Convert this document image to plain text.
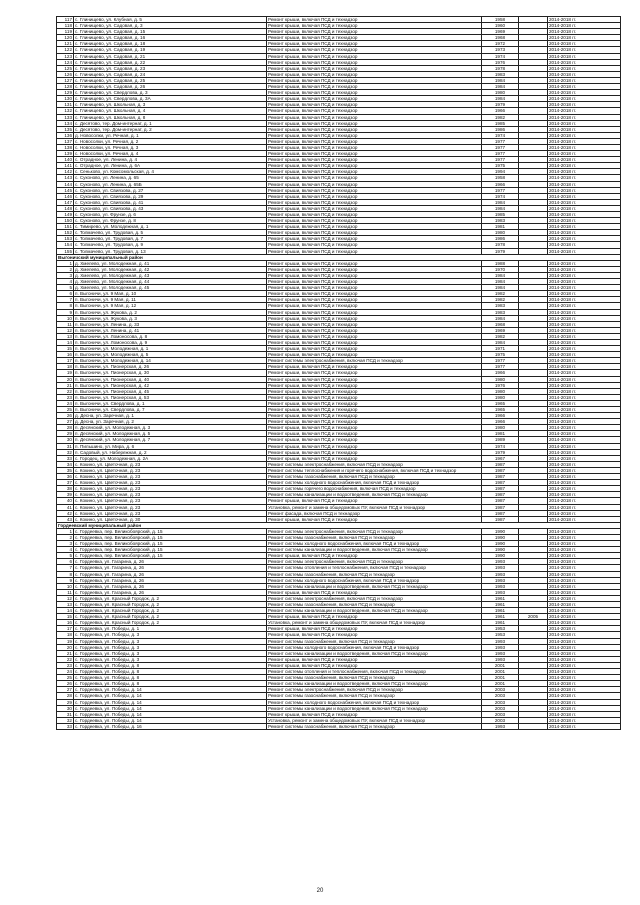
117	с. Глинищево, ул. Клубная, д. 5	Ремонт крыши, включая ПСД и технадзор	1958		2014-2018 гг.
118	с. Глинищево, ул. Садовая, д. 3	Ремонт крыши, включая ПСД и технадзор	1960		2014-2018 гг.
119	с. Глинищево, ул. Садовая, д. 15	Ремонт крыши, включая ПСД и технадзор	1969		2014-2018 гг.
120	с. Глинищево, ул. Садовая, д. 16	Ремонт крыши, включая ПСД и технадзор	1968		2014-2018 гг.
121	с. Глинищево, ул. Садовая, д. 18	Ремонт крыши, включая ПСД и технадзор	1972		2014-2018 гг.
122	с. Глинищево, ул. Садовая, д. 19	Ремонт крыши, включая ПСД и технадзор	1973		2014-2018 гг.
123	с. Глинищево, ул. Садовая, д. 21	Ремонт крыши, включая ПСД и технадзор	1974		2014-2018 гг.
124	с. Глинищево, ул. Садовая, д. 22	Ремонт крыши, включая ПСД и технадзор	1976		2014-2018 гг.
125	с. Глинищево, ул. Садовая, д. 23	Ремонт крыши, включая ПСД и технадзор	1978		2014-2018 гг.
126	с. Глинищево, ул. Садовая, д. 24	Ремонт крыши, включая ПСД и технадзор	1983		2014-2018 гг.
127	с. Глинищево, ул. Садовая, д. 25	Ремонт крыши, включая ПСД и технадзор	1984		2014-2018 гг.
128	с. Глинищево, ул. Садовая, д. 26	Ремонт крыши, включая ПСД и технадзор	1984		2014-2018 гг.
129	с. Глинищево, ул. Свердлова, д. 3	Ремонт крыши, включая ПСД и технадзор	1980		2014-2018 гг.
130	с. Глинищево, ул. Свердлова, д. 3А	Ремонт крыши, включая ПСД и технадзор	1984		2014-2018 гг.
131	с. Глинищево, ул. Школьная, д. 3	Ремонт крыши, включая ПСД и технадзор	1979		2014-2018 гг.
132	с. Глинищево, ул. Школьная, д. 4	Ремонт крыши, включая ПСД и технадзор	1966		2014-2018 гг.
133	с. Глинищево, ул. Школьная, д. 8	Ремонт крыши, включая ПСД и технадзор	1982		2014-2018 гг.
134	с. Десятово, тер. Дом-интернат, д. 1	Ремонт крыши, включая ПСД и технадзор	1985		2014-2018 гг.
135	с. Десятово, тер. Дом-интернат, д. 2	Ремонт крыши, включая ПСД и технадзор	1986		2014-2018 гг.
136	д. Новосолки, ул. Речная, д. 1	Ремонт крыши, включая ПСД и технадзор	1974		2014-2018 гг.
137	с. Новосолки, ул. Речная, д. 2	Ремонт крыши, включая ПСД и технадзор	1977		2014-2018 гг.
138	с. Новосолки, ул. Речная, д. 3	Ремонт крыши, включая ПСД и технадзор	1977		2014-2018 гг.
139	с. Новосолки, ул. Речная, д. 4	Ремонт крыши, включая ПСД и технадзор	1977		2014-2018 гг.
140	с. Отрадное, ул. Ленина, д. 4	Ремонт крыши, включая ПСД и технадзор	1977		2014-2018 гг.
141	с. Отрадное, ул. Ленина, д. 6А	Ремонт крыши, включая ПСД и технадзор	1975		2014-2018 гг.
142	с. Сеньково, ул. Комсомольская, д. 4	Ремонт крыши, включая ПСД и технадзор	1994		2014-2018 гг.
143	с. Суконово, ул. Ленина, д. 65	Ремонт крыши, включая ПСД и технадзор	1958		2014-2018 гг.
144	с. Суконово, ул. Ленина, д. 65Б	Ремонт крыши, включая ПСД и технадзор	1966		2014-2018 гг.
145	с. Суконово, ул. Свиязова, д. 27	Ремонт крыши, включая ПСД и технадзор	1977		2014-2018 гг.
146	с. Суконово, ул. Свиязова, д. 29	Ремонт крыши, включая ПСД и технадзор	1974		2014-2018 гг.
147	с. Суконово, ул. Свиязова, д. 41	Ремонт крыши, включая ПСД и технадзор	1984		2014-2018 гг.
148	с. Суконово, ул. Свиязова, д. 43	Ремонт крыши, включая ПСД и технадзор	1984		2014-2018 гг.
149	с. Суконово, ул. Фрунзе, д. 6	Ремонт крыши, включая ПСД и технадзор	1985		2014-2018 гг.
150	с. Суконово, ул. Фрунзе, д. 8	Ремонт крыши, включая ПСД и технадзор	1983		2014-2018 гг.
151	с. Тимирево, ул. Молодежная, д. 1	Ремонт крыши, включая ПСД и технадзор	1981		2014-2018 гг.
152	с. Толмачево, ул. Трудовая, д. 5	Ремонт крыши, включая ПСД и технадзор	1980		2014-2018 гг.
153	с. Толмачево, ул. Трудовая, д. 7	Ремонт крыши, включая ПСД и технадзор	1986		2014-2018 гг.
154	с. Толмачево, ул. Трудовая, д. 9	Ремонт крыши, включая ПСД и технадзор	1978		2014-2018 гг.
155	с. Толмачево, ул. Трудовая, д. 13	Ремонт крыши, включая ПСД и технадзор	1979		2014-2018 гг.
Выгоничский муниципальный район					
1	д. Хмелево, ул. Молодежная, д. 41	Ремонт крыши, включая ПСД и технадзор	1988		2014-2018 гг.
2	д. Хмелево, ул. Молодежная, д. 42	Ремонт крыши, включая ПСД и технадзор	1970		2014-2018 гг.
3	д. Хмелево, ул. Молодежная, д. 43	Ремонт крыши, включая ПСД и технадзор	1984		2014-2018 гг.
4	д. Хмелево, ул. Молодежная, д. 44	Ремонт крыши, включая ПСД и технадзор	1984		2014-2018 гг.
5	д. Хмелево, ул. Молодежная, д. 45	Ремонт крыши, включая ПСД и технадзор	1984		2014-2018 гг.
6	п. Выгоничи, ул. 9 Мая, д. 10	Ремонт крыши, включая ПСД и технадзор	1982		2014-2018 гг.
7	п. Выгоничи, ул. 9 Мая, д. 11	Ремонт крыши, включая ПСД и технадзор	1982		2014-2018 гг.
8	п. Выгоничи, ул. 9 Мая, д. 12	Ремонт крыши, включая ПСД и технадзор	1983		2014-2018 гг.
9	п. Выгоничи, ул. Жукова, д. 2	Ремонт крыши, включая ПСД и технадзор	1983		2014-2018 гг.
10	п. Выгоничи, ул. Жукова, д. 3	Ремонт крыши, включая ПСД и технадзор	1984		2014-2018 гг.
11	п. Выгоничи, ул. Ленина, д. 33	Ремонт крыши, включая ПСД и технадзор	1968		2014-2018 гг.
12	п. Выгоничи, ул. Ленина, д. 41	Ремонт крыши, включая ПСД и технадзор	1969		2014-2018 гг.
13	п. Выгоничи, ул. Ломоносова, д. 8	Ремонт крыши, включая ПСД и технадзор	1982		2014-2018 гг.
14	п. Выгоничи, ул. Ломоносова, д. 9	Ремонт крыши, включая ПСД и технадзор	1984		2014-2018 гг.
15	п. Выгоничи, ул. Молодежная, д. 1	Ремонт крыши, включая ПСД и технадзор	1971		2014-2018 гг.
16	п. Выгоничи, ул. Молодежная, д. 5	Ремонт крыши, включая ПСД и технадзор	1975		2014-2018 гг.
17	п. Выгоничи, ул. Молодежная, д. 14	Ремонт системы электроснабжения, включая ПСД и технадзор	1977		2014-2018 гг.
18	п. Выгоничи, ул. Пионерская, д. 26	Ремонт крыши, включая ПСД и технадзор	1977		2014-2018 гг.
19	п. Выгоничи, ул. Пионерская, д. 30	Ремонт крыши, включая ПСД и технадзор	1966		2014-2018 гг.
20	п. Выгоничи, ул. Пионерская, д. 40	Ремонт крыши, включая ПСД и технадзор	1980		2014-2018 гг.
21	п. Выгоничи, ул. Пионерская, д. 42	Ремонт крыши, включая ПСД и технадзор	1976		2014-2018 гг.
22	п. Выгоничи, ул. Пионерская, д. 45	Ремонт крыши, включая ПСД и технадзор	1980		2014-2018 гг.
23	п. Выгоничи, ул. Пионерская, д. 53	Ремонт крыши, включая ПСД и технадзор	1980		2014-2018 гг.
24	п. Выгоничи, ул. Свердлова, д. 1	Ремонт крыши, включая ПСД и технадзор	1965		2014-2018 гг.
25	п. Выгоничи, ул. Свердлова, д. 7	Ремонт крыши, включая ПСД и технадзор	1965		2014-2018 гг.
26	д. Десна, ул. Заречная, д. 1	Ремонт крыши, включая ПСД и технадзор	1966		2014-2018 гг.
27	д. Десна, ул. Заречная, д. 2	Ремонт крыши, включая ПСД и технадзор	1966		2014-2018 гг.
28	п. Десянский, ул. Молодежная, д. 3	Ремонт крыши, включая ПСД и технадзор	1980		2014-2018 гг.
29	п. Десянский, ул. Молодежная, д. 5	Ремонт крыши, включая ПСД и технадзор	1981		2014-2018 гг.
30	п. Десянский, ул. Молодежная, д. 7	Ремонт крыши, включая ПСД и технадзор	1989		2014-2018 гг.
31	п. Пильшино, ул. Мира, д. 6	Ремонт крыши, включая ПСД и технадзор	1974		2014-2018 гг.
32	п. Садовый, ул. Набережная, д. 2	Ремонт крыши, включая ПСД и технадзор	1979		2014-2018 гг.
33	с. Городец, ул. Молодежная, д. 2А	Ремонт крыши, включая ПСД и технадзор	1967		2014-2018 гг.
34	с. Кокино, ул. Цветочная, д. 23	Ремонт системы электроснабжения, включая ПСД и технадзор	1987		2014-2018 гг.
35	с. Кокино, ул. Цветочная, д. 23	Ремонт системы теплоснабжения и горячего водоснабжения, включая ПСД и технадзор	1987		2014-2018 гг.
36	с. Кокино, ул. Цветочная, д. 23	Ремонт системы газоснабжения, включая ПСД и технадзор	1987		2014-2018 гг.
37	с. Кокино, ул. Цветочная, д. 23	Ремонт системы холодного водоснабжения, включая ПСД и технадзор	1987		2014-2018 гг.
38	с. Кокино, ул. Цветочная, д. 23	Ремонт системы горячего водоснабжения, включая ПСД и технадзор	1987		2014-2018 гг.
39	с. Кокино, ул. Цветочная, д. 23	Ремонт системы канализации и водоотведения, включая ПСД и технадзор	1987		2014-2018 гг.
40	с. Кокино, ул. Цветочная, д. 23	Ремонт крыши, включая ПСД и технадзор	1987		2014-2018 гг.
41	с. Кокино, ул. Цветочная, д. 23	Установка, ремонт и замена общедомовых ПУ, включая ПСД и технадзор	1987		2014-2018 гг.
42	с. Кокино, ул. Цветочная, д. 23	Ремонт фасада, включая ПСД и технадзор	1987		2014-2018 гг.
43	с. Кокино, ул. Цветочная, д. 30	Ремонт крыши, включая ПСД и технадзор	1987		2014-2018 гг.
Гордеевский муниципальный район					
1	с. Гордеевка, пер. Великобоярский, д. 15	Ремонт системы электроснабжения, включая ПСД и технадзор	1990		2014-2018 гг.
2	с. Гордеевка, пер. Великобоярский, д. 15	Ремонт системы газоснабжения, включая ПСД и технадзор	1990		2014-2018 гг.
3	с. Гордеевка, пер. Великобоярский, д. 15	Ремонт системы холодного водоснабжения, включая ПСД и технадзор	1990		2014-2018 гг.
4	с. Гордеевка, пер. Великобоярский, д. 15	Ремонт системы канализации и водоотведения, включая ПСД и технадзор	1990		2014-2018 гг.
5	с. Гордеевка, пер. Великобоярский, д. 15	Ремонт крыши, включая ПСД и технадзор	1990		2014-2018 гг.
6	с. Гордеевка, ул. Гагарина, д. 26	Ремонт системы электроснабжения, включая ПСД и технадзор	1993		2014-2018 гг.
7	с. Гордеевка, ул. Гагарина, д. 26	Ремонт системы отопления и теплоснабжения, включая ПСД и технадзор	1993		2014-2018 гг.
8	с. Гордеевка, ул. Гагарина, д. 26	Ремонт системы газоснабжения, включая ПСД и технадзор	1993		2014-2018 гг.
9	с. Гордеевка, ул. Гагарина, д. 26	Ремонт системы холодного водоснабжения, включая ПСД и технадзор	1993		2014-2018 гг.
10	с. Гордеевка, ул. Гагарина, д. 26	Ремонт системы канализации и водоотведения, включая ПСД и технадзор	1993		2014-2018 гг.
11	с. Гордеевка, ул. Гагарина, д. 26	Ремонт крыши, включая ПСД и технадзор	1993		2014-2018 гг.
12	с. Гордеевка, ул. Красный Городок, д. 2	Ремонт системы электроснабжения, включая ПСД и технадзор	1961		2014-2018 гг.
13	с. Гордеевка, ул. Красный Городок, д. 2	Ремонт системы газоснабжения, включая ПСД и технадзор	1961		2014-2018 гг.
14	с. Гордеевка, ул. Красный Городок, д. 2	Ремонт системы канализации и водоотведения, включая ПСД и технадзор	1961		2014-2018 гг.
15	с. Гордеевка, ул. Красный Городок, д. 2	Ремонт крыши, включая ПСД и технадзор	1961	2005	2014-2018 гг.
16	с. Гордеевка, ул. Красный Городок, д. 2	Установка, ремонт и замена общедомовых ПУ, включая ПСД и технадзор	1961		2014-2018 гг.
17	с. Гордеевка, ул. Победы, д. 1	Ремонт крыши, включая ПСД и технадзор	1953		2014-2018 гг.
18	с. Гордеевка, ул. Победы, д. 3	Ремонт крыши, включая ПСД и технадзор	1953		2014-2018 гг.
19	с. Гордеевка, ул. Победы, д. 3	Ремонт системы газоснабжения, включая ПСД и технадзор	1993		2014-2018 гг.
20	с. Гордеевка, ул. Победы, д. 3	Ремонт системы холодного водоснабжения, включая ПСД и технадзор	1993		2014-2018 гг.
21	с. Гордеевка, ул. Победы, д. 3	Ремонт системы канализации и водоотведения, включая ПСД и технадзор	1993		2014-2018 гг.
22	с. Гордеевка, ул. Победы, д. 3	Ремонт крыши, включая ПСД и технадзор	1993		2014-2018 гг.
23	с. Гордеевка, ул. Победы, д. 8	Ремонт крыши, включая ПСД и технадзор	2001		2014-2018 гг.
24	с. Гордеевка, ул. Победы, д. 8	Ремонт системы отопления и теплоснабжения, включая ПСД и технадзор	2001		2014-2018 гг.
25	с. Гордеевка, ул. Победы, д. 8	Ремонт системы газоснабжения, включая ПСД и технадзор	2001		2014-2018 гг.
26	с. Гордеевка, ул. Победы, д. 8	Ремонт системы канализации и водоотведения, включая ПСД и технадзор	2001		2014-2018 гг.
27	с. Гордеевка, ул. Победы, д. 14	Ремонт системы электроснабжения, включая ПСД и технадзор	2003		2014-2018 гг.
28	с. Гордеевка, ул. Победы, д. 14	Ремонт системы газоснабжения, включая ПСД и технадзор	2003		2014-2018 гг.
29	с. Гордеевка, ул. Победы, д. 14	Ремонт системы холодного водоснабжения, включая ПСД и технадзор	2003		2014-2018 гг.
30	с. Гордеевка, ул. Победы, д. 14	Ремонт системы канализации и водоотведения, включая ПСД и технадзор	2003		2014-2018 гг.
31	с. Гордеевка, ул. Победы, д. 14	Ремонт крыши, включая ПСД и технадзор	2003		2014-2018 гг.
32	с. Гордеевка, ул. Победы, д. 14	Установка, ремонт и замена общедомовых ПУ, включая ПСД и технадзор	2003		2014-2018 гг.
33	с. Гордеевка, ул. Победы, д. 16	Ремонт системы газоснабжения, включая ПСД и технадзор	1993		2014-2018 гг.
20
